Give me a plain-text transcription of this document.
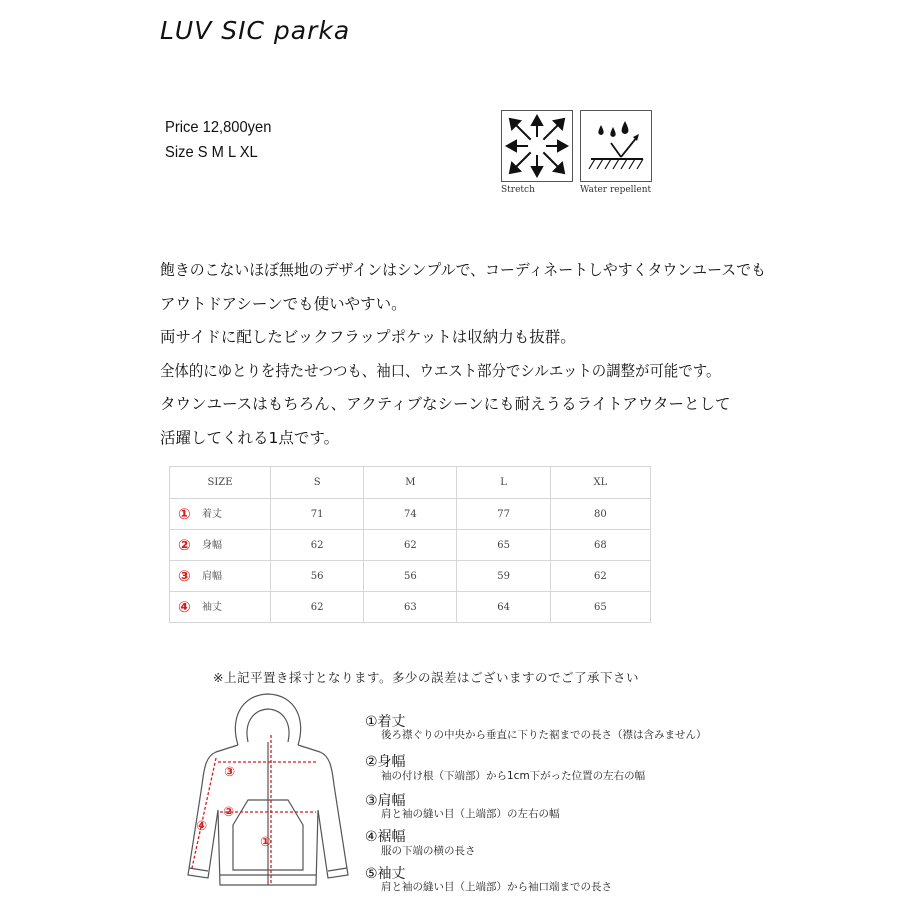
LUV SIC parka
Price 12,800yen
Size S M L XL
Stretch	Water repellent
飽きのこないほぼ無地のデザインはシンプルで、コーディネートしやすくタウンユースでも
アウトドアシーンでも使いやすい。
両サイドに配したビックフラップポケットは収納力も抜群。
全体的にゆとりを持たせつつも、袖口、ウエスト部分でシルエットの調整が可能です。
タウンユースはもちろん、アクティブなシーンにも耐えうるライトアウターとして
活躍してくれる1点です。
SIZE	S	M	L	XL
① 着丈	71	74	77	80
② 身幅	62	62	65	68
③ 肩幅	56	56	59	62
④ 袖丈	62	63	64	65
※上記平置き採寸となります。多少の誤差はございますのでご了承下さい
①
②
③
④
①着丈
後ろ襟ぐりの中央から垂直に下りた裾までの長さ（襟は含みません）
②身幅
袖の付け根（下端部）から1cm下がった位置の左右の幅
③肩幅
肩と袖の縫い目（上端部）の左右の幅
④裾幅
服の下端の横の長さ
⑤袖丈
肩と袖の縫い目（上端部）から袖口端までの長さ
